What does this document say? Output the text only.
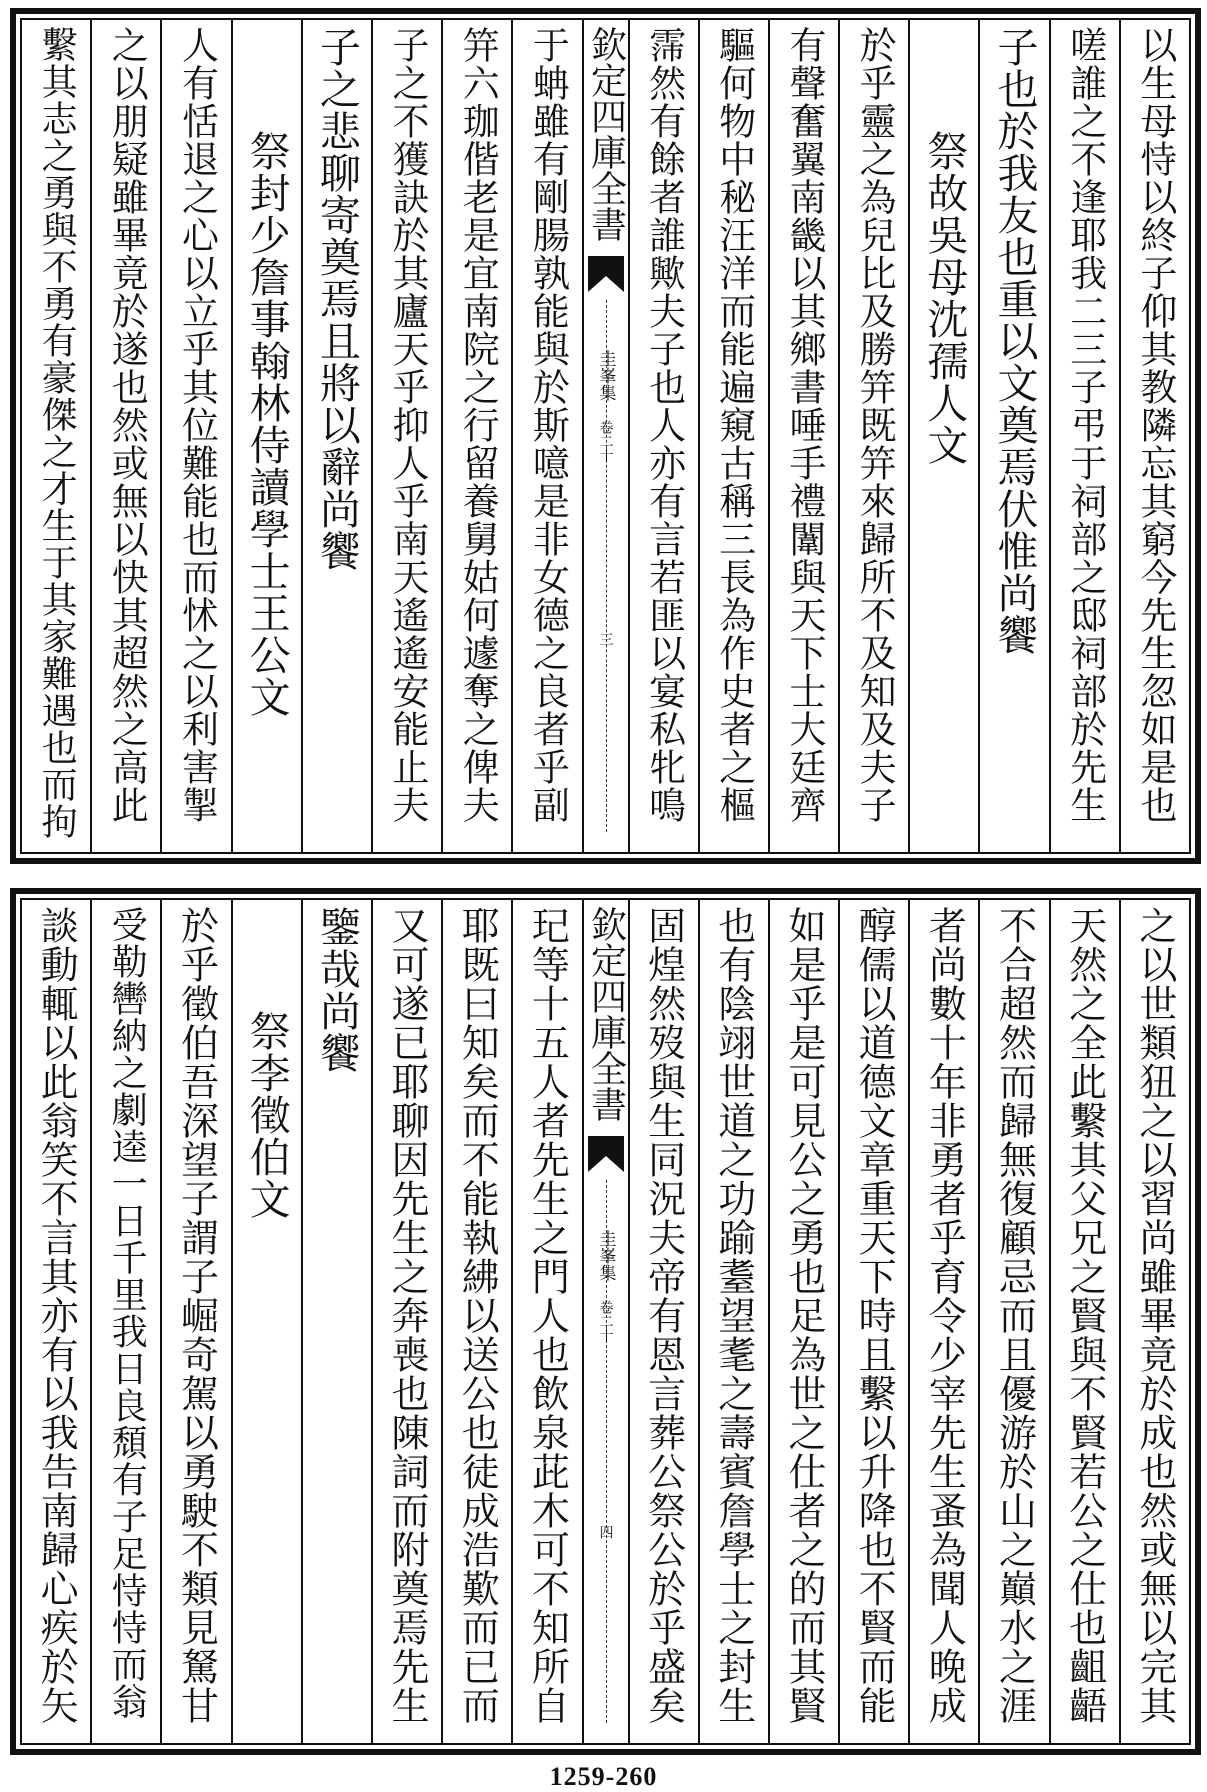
以生母恃以終子仰其教隣忘其窮今先生忽如是也
嗟誰之不逢耶我二三子弔于祠部之邸祠部於先生
子也於我友也重以文奠焉伏惟尚饗
祭故吳母沈孺人文
於乎靈之為兒比及勝笄既笄來歸所不及知及夫子
有聲奮翼南畿以其鄉書唾手禮闈與天下士大廷齊
驅何物中秘汪洋而能遍窺古稱三長為作史者之樞
霈然有餘者誰歟夫子也人亦有言若匪以宴私牝鳴
欽定四庫全書
圭峯集
卷二十
三
于蚺雖有剛腸孰能與於斯噫是非女德之良者乎副
笄六珈偕老是宜南院之行留養舅姑何遽奪之俾夫
子之不獲訣於其廬天乎抑人乎南天遙遙安能止夫
子之悲聊寄奠焉且將以辭尚饗
祭封少詹事翰林侍讀學士王公文
人有恬退之心以立乎其位難能也而怵之以利害掣
之以朋疑雖畢竟於遂也然或無以快其超然之高此
繫其志之勇與不勇有豪傑之才生于其家難遇也而拘
之以世類狃之以習尚雖畢竟於成也然或無以完其
天然之全此繫其父兄之賢與不賢若公之仕也齟齬
不合超然而歸無復顧忌而且優游於山之巔水之涯
者尚數十年非勇者乎育令少宰先生蚤為聞人晚成
醇儒以道德文章重天下時且繫以升降也不賢而能
如是乎是可見公之勇也足為世之仕者之的而其賢
也有陰翊世道之功踰耋望耄之壽賓詹學士之封生
固煌然歿與生同況夫帝有恩言葬公祭公於乎盛矣
欽定四庫全書
圭峯集
卷二十
四
玘等十五人者先生之門人也飲泉茈木可不知所自
耶既曰知矣而不能執紼以送公也徒成浩歎而已而
又可遂已耶聊因先生之奔喪也陳詞而附奠焉先生
鑒哉尚饗
祭李徵伯文
於乎徵伯吾深望子謂子崛奇駕以勇駛不類見駑甘
受勒轡納之劇逵一日千里我日良頹有子足恃恃而翁
談動輒以此翁笑不言其亦有以我告南歸心疾於矢
1259-260
